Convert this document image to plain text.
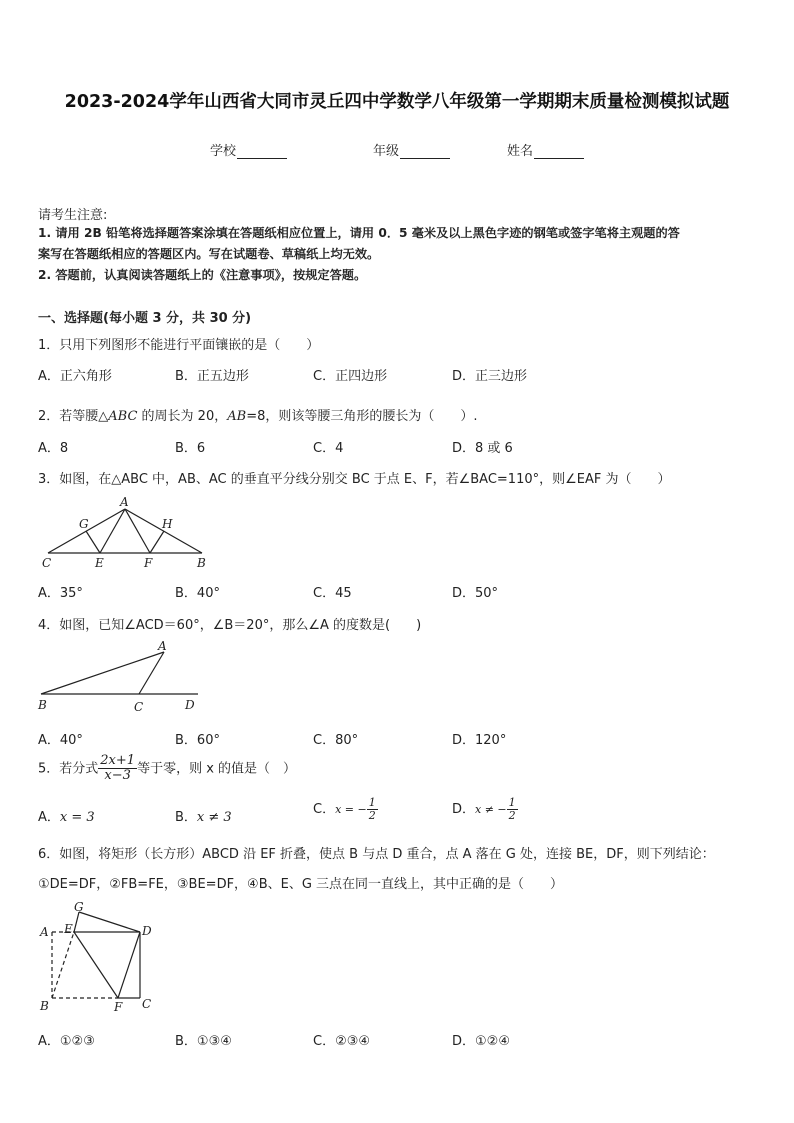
2023-2024学年山西省大同市灵丘四中学数学八年级第一学期期末质量检测模拟试题
学校	年级	姓名
请考生注意:
1. 请用 2B 铅笔将选择题答案涂填在答题纸相应位置上，请用 0．5 毫米及以上黑色字迹的钢笔或签字笔将主观题的答
案写在答题纸相应的答题区内。写在试题卷、草稿纸上均无效。
2. 答题前，认真阅读答题纸上的《注意事项》，按规定答题。
一、选择题(每小题 3 分，共 30 分)
1．只用下列图形不能进行平面镶嵌的是（　　）
A．正六角形	B．正五边形	C．正四边形	D．正三边形
2．若等腰△ABC 的周长为 20，AB=8，则该等腰三角形的腰长为（　　）.
A．8	B．6	C．4	D．8 或 6
3．如图，在△ABC 中，AB、AC 的垂直平分线分别交 BC 于点 E、F，若∠BAC=110°，则∠EAF 为（　　）
A
G	H
C	E	F	B
A．35°	B．40°	C．45	D．50°
4．如图，已知∠ACD＝60°，∠B＝20°，那么∠A 的度数是(　　)
A
B	C	D
A．40°	B．60°	C．80°	D．120°
5．若分式 $\frac{2x+1}{x-3}$ 等于零，则 x 的值是（　）
A．x = 3	B．x ≠ 3
C．x = − $\frac{1}{2}$	D．x ≠ − $\frac{1}{2}$
6．如图，将矩形（长方形）ABCD 沿 EF 折叠，使点 B 与点 D 重合，点 A 落在 G 处，连接 BE，DF，则下列结论：
①DE=DF，②FB=FE，③BE=DF，④B、E、G 三点在同一直线上，其中正确的是（　　）
G
A E	D
B	F C
A．①②③	B．①③④	C．②③④	D．①②④
